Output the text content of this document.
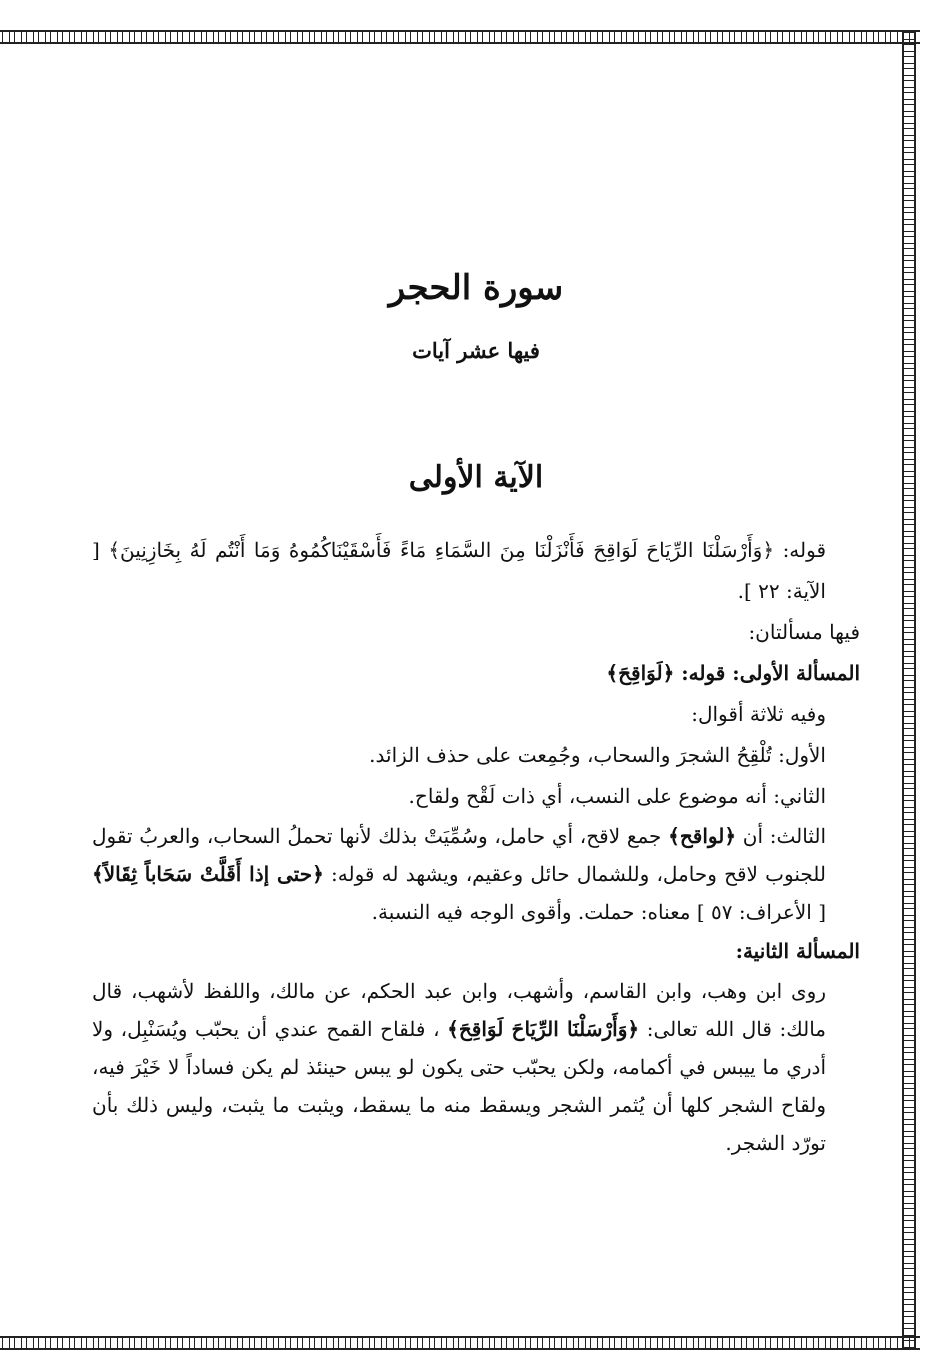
سورة الحجر
فيها عشر آيات
الآية الأولى

قوله: ﴿وَأَرْسَلْنَا الرِّيَاحَ لَوَاقِحَ فَأَنْزَلْنَا مِنَ السَّمَاءِ مَاءً فَأَسْقَيْنَاكُمُوهُ وَمَا أَنْتُم لَهُ بِخَازِنِينَ﴾ [ الآية: ٢٢ ].

فيها مسألتان:

المسألة الأولى: قوله: ﴿لَوَاقِحَ﴾

وفيه ثلاثة أقوال:

الأول: تُلْقِحُ الشجرَ والسحاب، وجُمِعت على حذف الزائد.

الثاني: أنه موضوع على النسب، أي ذات لَقْح ولقاح.

الثالث: أن ﴿لواقح﴾ جمع لاقح، أي حامل، وسُمِّيَتْ بذلك لأنها تحملُ السحاب، والعربُ تقول للجنوب لاقح وحامل، وللشمال حائل وعقيم، ويشهد له قوله: ﴿حتى إذا أَقَلَّتْ سَحَاباً ثِقَالاً﴾ [ الأعراف: ٥٧ ] معناه: حملت. وأقوى الوجه فيه النسبة.

المسألة الثانية:

روى ابن وهب، وابن القاسم، وأشهب، وابن عبد الحكم، عن مالك، واللفظ لأشهب، قال مالك: قال الله تعالى: ﴿وَأَرْسَلْنَا الرِّيَاحَ لَوَاقِحَ﴾ ، فلقاح القمح عندي أن يحبّب ويُسَنْبِل، ولا أدري ما ييبس في أكمامه، ولكن يحبّب حتى يكون لو يبس حينئذ لم يكن فساداً لا خَيْرَ فيه، ولقاح الشجر كلها أن يُثمر الشجر ويسقط منه ما يسقط، ويثبت ما يثبت، وليس ذلك بأن تورّد الشجر.
